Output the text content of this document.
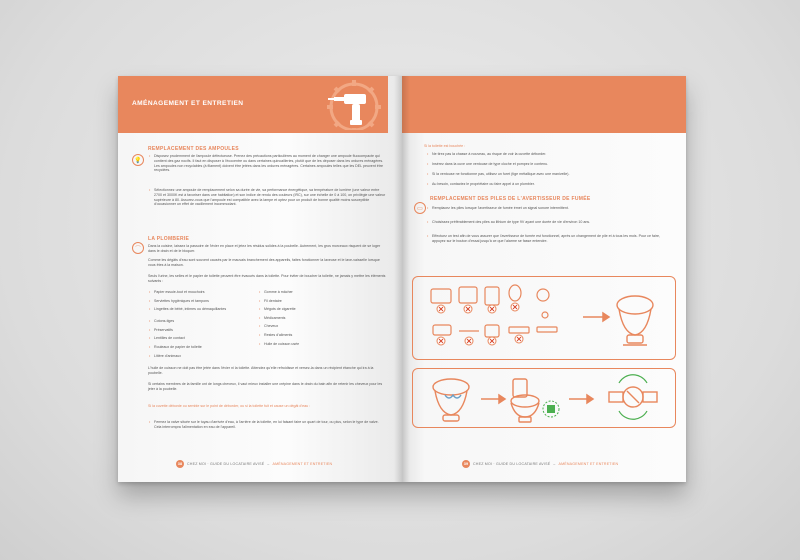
AMÉNAGEMENT ET ENTRETIEN
💡
REMPLACEMENT DES AMPOULES
• Disposez prudemment de l'ampoule défectueuse. Prenez des précautions particulières au moment de changer une ampoule fluocompacte qui contient des gaz nocifs. Il faut en disposer à l'écocentre ou dans certaines quincailleries, plutôt que de les déposer dans les ordures ménagères. Les ampoules non recyclables (à filament) doivent être jetées dans les ordures ménagères. Certaines ampoules telles que les DEL peuvent être recyclées.
• Sélectionnez une ampoule de remplacement selon sa durée de vie, sa performance énergétique, sa température de lumière (une valeur entre 2700 et 3000K est à favoriser dans une habitation) et son indice de rendu des couleurs (IRC), sur une échelle de 0 à 100, on privilégie une valeur supérieure à 80. Assurez-vous que l'ampoule est compatible avec la lampe et optez pour un produit de bonne qualité moins susceptible d'occasionner un effet de vacillement incommodant.
⌒
LA PLOMBERIE
Dans la cuisine, laissez la passoire de l'évier en place et jetez les résidus solides à la poubelle. Autrement, les gros morceaux risquent de se loger dans le drain et de le bloquer.
Comme les dégâts d'eau sont souvent causés par le mauvais branchement des appareils, faites fonctionner la laveuse et le lave-vaisselle lorsque vous êtes à la maison.
Seuls l'urine, les selles et le papier de toilette peuvent être évacués dans la toilette. Pour éviter de boucher la toilette, ne jamais y mettre les éléments suivants :
• Papier essuie-tout et mouchoirs
• Serviettes hygiéniques et tampons
• Lingettes de bébé, intimes ou démaquillantes
• Cotons-tiges
• Préservatifs
• Lentilles de contact
• Rouleaux de papier de toilette
• Litière d'animaux
• Gomme à mâcher
• Fil dentaire
• Mégots de cigarette
• Médicaments
• Cheveux
• Restes d'aliments
• Huile de cuisson usée
L'huile de cuisson ne doit pas être jetée dans l'évier ni la toilette. Attendez qu'elle refroidisse et versez-la dans un récipient étanche qui ira à la poubelle.
Si certains membres de la famille ont de longs cheveux, il vaut mieux installer une crépine dans le drain du bain afin de retenir les cheveux pour les jeter à la poubelle.
Si la cuvette déborde ou semble sur le point de déborder, ou si la toilette fuit et cause un dégât d'eau :
• Fermez la valve située sur le tuyau d'arrivée d'eau, à l'arrière de la toilette, en lui faisant faire un quart de tour, ou plus, selon le type de valve. Cela interrompra l'alimentation en eau de l'appareil.
38	CHEZ MOI · GUIDE DU LOCATAIRE AVISÉ – AMÉNAGEMENT ET ENTRETIEN
Si la toilette est bouchée :
• Ne tirez pas la chasse à nouveau, au risque de voir la cuvette déborder.
• Insérez dans la cuve une ventouse de type cloche et pompez le contenu.
• Si la ventouse ne fonctionne pas, utilisez un furet (tige métallique avec une manivelle).
• Au besoin, contactez le propriétaire ou faire appel à un plombier.
▭
REMPLACEMENT DES PILES DE L'AVERTISSEUR DE FUMÉE
• Remplacez les piles lorsque l'avertisseur de fumée émet un signal sonore intermittent.
• Choisissez préférablement des piles au lithium de type 9V ayant une durée de vie d'environ 10 ans.
• Effectuez un test afin de vous assurer que l'avertisseur de fumée est fonctionnel, après un changement de pile et à tous les mois. Pour ce faire, appuyez sur le bouton d'essai jusqu'à ce que l'alarme se fasse entendre.
39	CHEZ MOI · GUIDE DU LOCATAIRE AVISÉ – AMÉNAGEMENT ET ENTRETIEN
